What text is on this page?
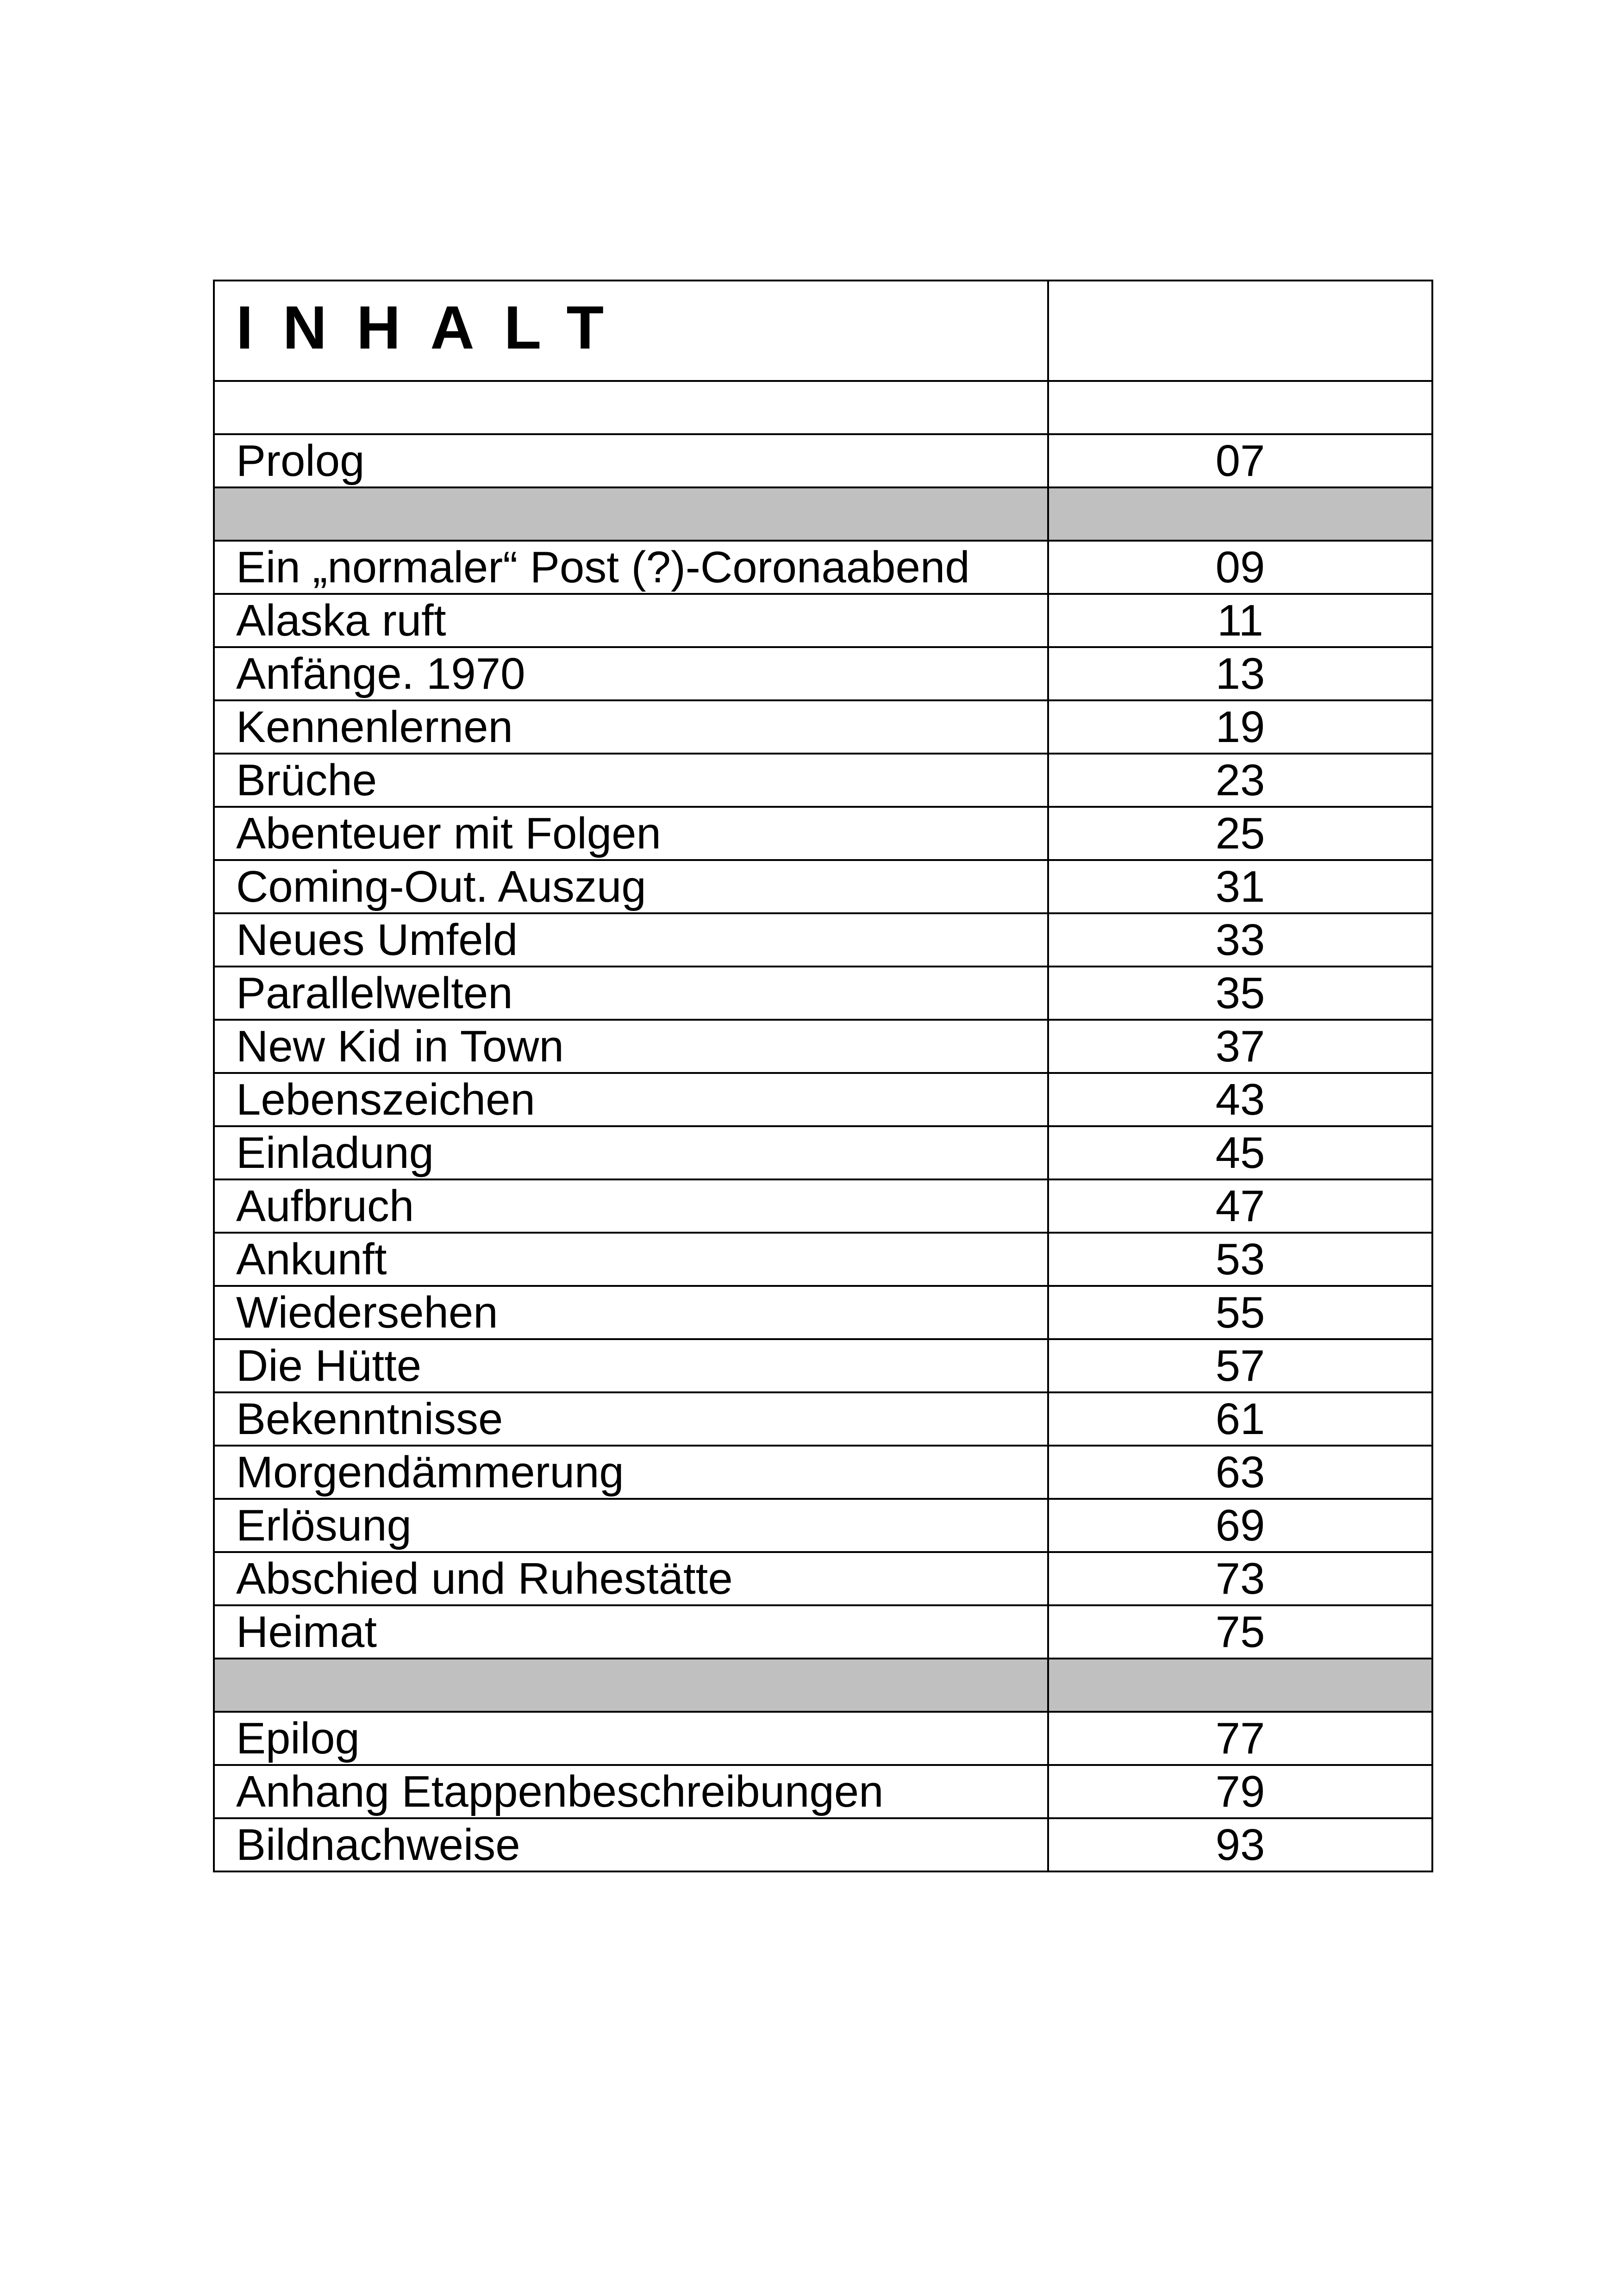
INHALT	

Prolog	07

Ein „normaler“ Post (?)-Coronaabend	09
Alaska ruft	11
Anfänge. 1970	13
Kennenlernen	19
Brüche	23
Abenteuer mit Folgen	25
Coming-Out. Auszug	31
Neues Umfeld	33
Parallelwelten	35
New Kid in Town	37
Lebenszeichen	43
Einladung	45
Aufbruch	47
Ankunft	53
Wiedersehen	55
Die Hütte	57
Bekenntnisse	61
Morgendämmerung	63
Erlösung	69
Abschied und Ruhestätte	73
Heimat	75

Epilog	77
Anhang Etappenbeschreibungen	79
Bildnachweise	93
